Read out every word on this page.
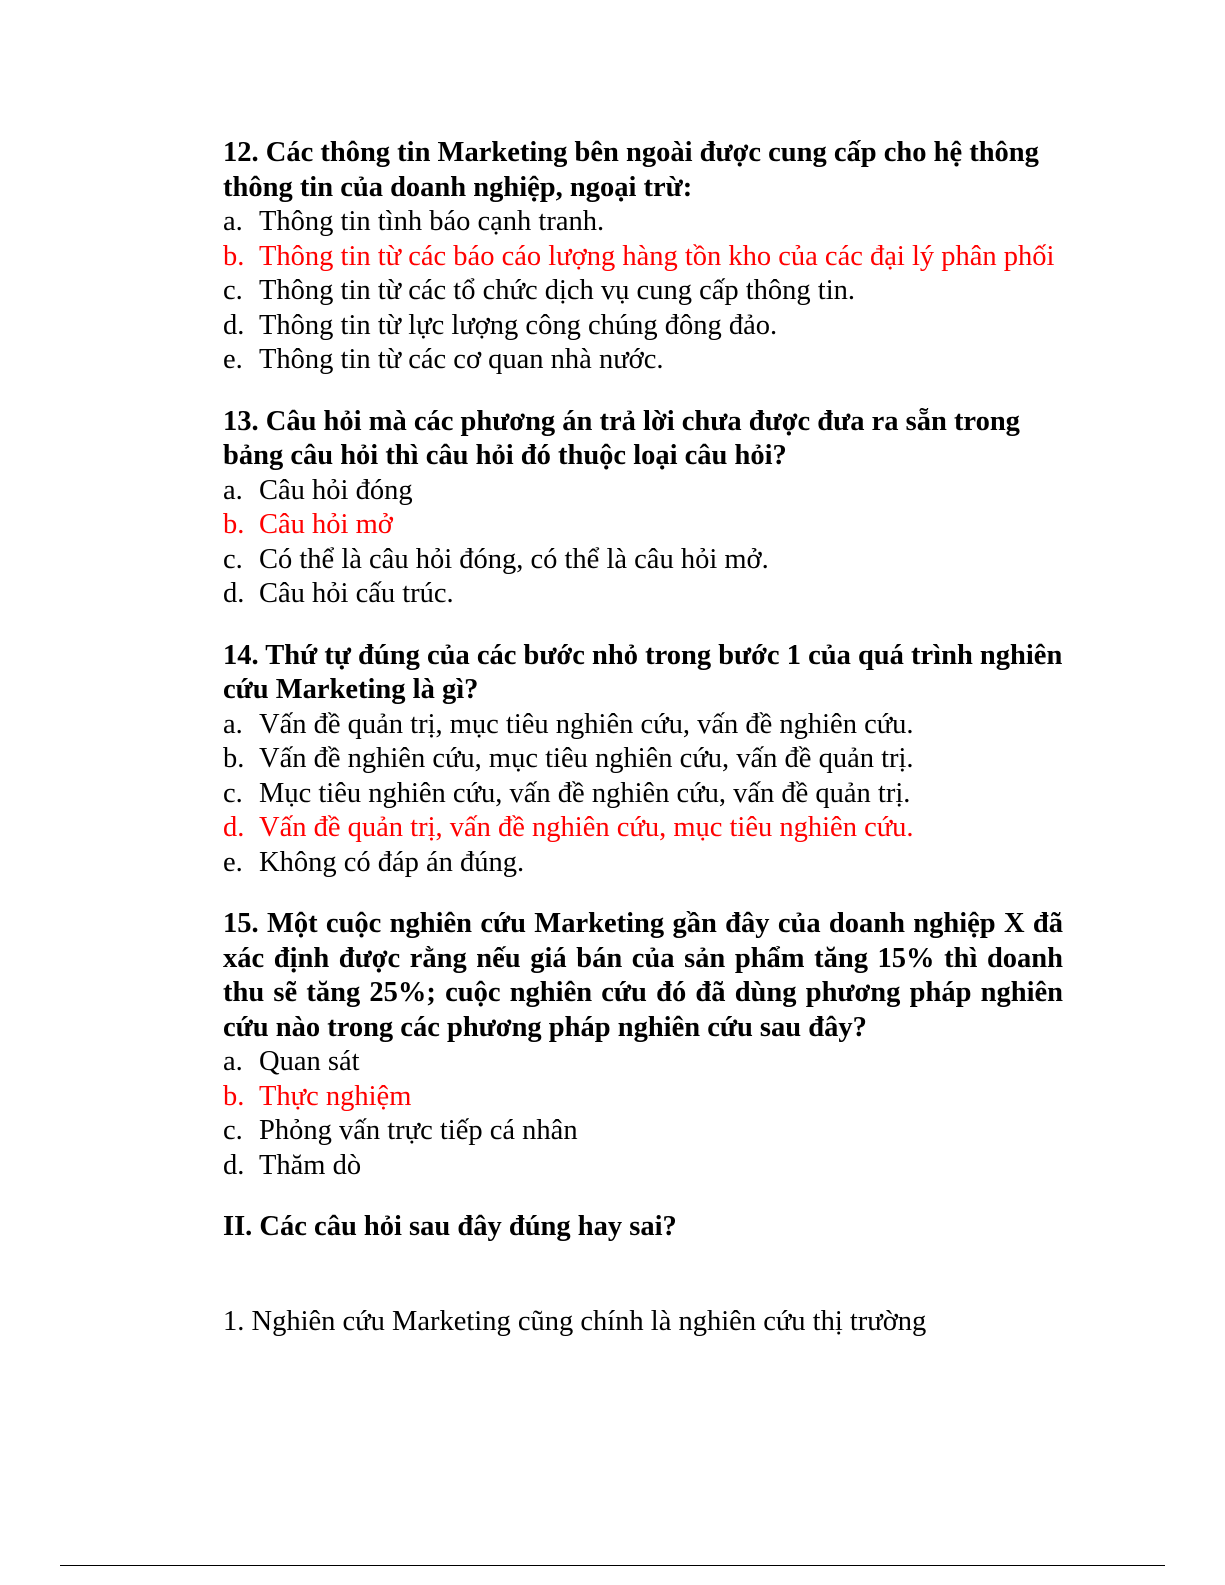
12. Các thông tin Marketing bên ngoài được cung cấp cho hệ thông thông tin của doanh nghiệp, ngoại trừ:

a. Thông tin tình báo cạnh tranh.

b. Thông tin từ các báo cáo lượng hàng tồn kho của các đại lý phân phối

c. Thông tin từ các tổ chức dịch vụ cung cấp thông tin.

d. Thông tin từ lực lượng công chúng đông đảo.

e. Thông tin từ các cơ quan nhà nước.

13. Câu hỏi mà các phương án trả lời chưa được đưa ra sẵn trong bảng câu hỏi thì câu hỏi đó thuộc loại câu hỏi?

a. Câu hỏi đóng

b. Câu hỏi mở

c. Có thể là câu hỏi đóng, có thể là câu hỏi mở.

d. Câu hỏi cấu trúc.

14. Thứ tự đúng của các bước nhỏ trong bước 1 của quá trình nghiên cứu Marketing là gì?

a. Vấn đề quản trị, mục tiêu nghiên cứu, vấn đề nghiên cứu.

b. Vấn đề nghiên cứu, mục tiêu nghiên cứu, vấn đề quản trị.

c. Mục tiêu nghiên cứu, vấn đề nghiên cứu, vấn đề quản trị.

d. Vấn đề quản trị, vấn đề nghiên cứu, mục tiêu nghiên cứu.

e. Không có đáp án đúng.

15. Một cuộc nghiên cứu Marketing gần đây của doanh nghiệp X đã xác định được rằng nếu giá bán của sản phẩm tăng 15% thì doanh thu sẽ tăng 25%; cuộc nghiên cứu đó đã dùng phương pháp nghiên cứu nào trong các phương pháp nghiên cứu sau đây?

a. Quan sát

b. Thực nghiệm

c. Phỏng vấn trực tiếp cá nhân

d. Thăm dò

II. Các câu hỏi sau đây đúng hay sai?

1. Nghiên cứu Marketing cũng chính là nghiên cứu thị trường
